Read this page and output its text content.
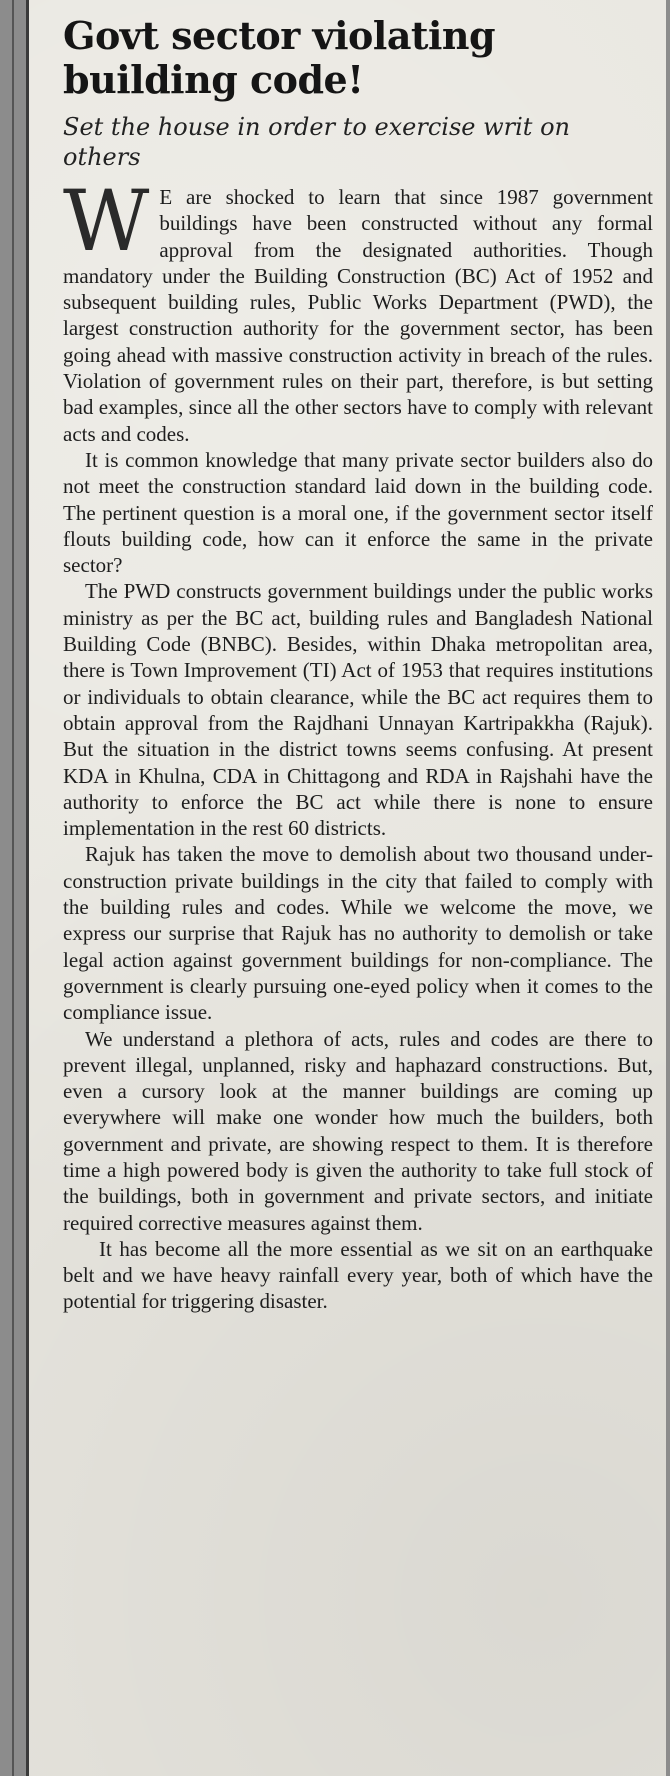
Govt sector violating building code!
Set the house in order to exercise writ on others

W E are shocked to learn that since 1987 government buildings have been constructed without any formal approval from the designated authorities. Though mandatory under the Building Construction (BC) Act of 1952 and subsequent building rules, Public Works Department (PWD), the largest construction authority for the government sector, has been going ahead with massive construction activity in breach of the rules. Violation of government rules on their part, therefore, is but setting bad examples, since all the other sectors have to comply with relevant acts and codes.

It is common knowledge that many private sector builders also do not meet the construction standard laid down in the building code. The pertinent question is a moral one, if the government sector itself flouts building code, how can it enforce the same in the private sector?

The PWD constructs government buildings under the public works ministry as per the BC act, building rules and Bangladesh National Building Code (BNBC). Besides, within Dhaka metropolitan area, there is Town Improvement (TI) Act of 1953 that requires institutions or individuals to obtain clearance, while the BC act requires them to obtain approval from the Rajdhani Unnayan Kartripakkha (Rajuk). But the situation in the district towns seems confusing. At present KDA in Khulna, CDA in Chittagong and RDA in Rajshahi have the authority to enforce the BC act while there is none to ensure implementation in the rest 60 districts.

Rajuk has taken the move to demolish about two thousand under-construction private buildings in the city that failed to comply with the building rules and codes. While we welcome the move, we express our surprise that Rajuk has no authority to demolish or take legal action against government buildings for non-compliance. The government is clearly pursuing one-eyed policy when it comes to the compliance issue.

We understand a plethora of acts, rules and codes are there to prevent illegal, unplanned, risky and haphazard constructions. But, even a cursory look at the manner buildings are coming up everywhere will make one wonder how much the builders, both government and private, are showing respect to them. It is therefore time a high powered body is given the authority to take full stock of the buildings, both in government and private sectors, and initiate required corrective measures against them.

It has become all the more essential as we sit on an earthquake belt and we have heavy rainfall every year, both of which have the potential for triggering disaster.
